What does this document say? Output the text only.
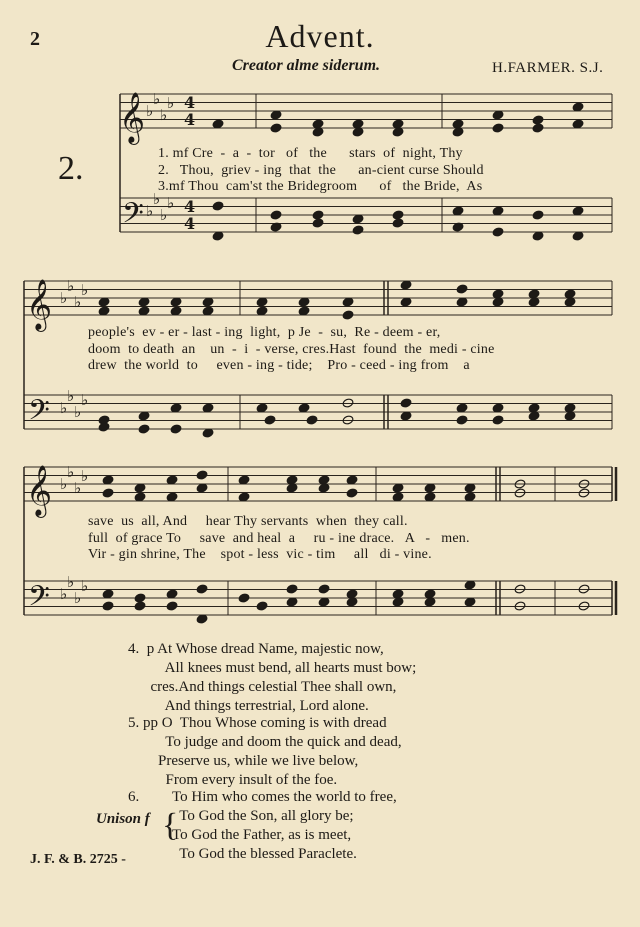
2	Advent.
Creator alme siderum.	H.FARMER. S.J.
2.
𝄞
𝄢
♭
♭
♭
♭
♭
♭
♭
♭
4
4
4
4
𝄞
𝄢
♭
♭
♭
♭
♭
♭
♭
♭
𝄞
𝄢
♭
♭
♭
♭
♭
♭
♭
♭
1. mf Cre  -  a  -  tor   of   the      stars  of  night, Thy
2.   Thou,  griev - ing  that  the      an-cient curse Should
3.mf Thou  cam'st the Bridegroom      of   the Bride,  As
people's  ev - er - last - ing  light,  p Je  -  su,  Re - deem - er,
doom  to death  an    un  -  i  - verse, cres.Hast  found  the  medi - cine
drew  the world  to     even - ing - tide;    Pro - ceed - ing from    a
save  us  all, And     hear Thy servants  when  they call.
full  of grace To     save  and heal  a     ru - ine drace.   A   -   men.
Vir - gin shrine, The    spot - less  vic - tim     all   di - vine.
4.  p At Whose dread Name, majestic now,
All knees must bend, all hearts must bow;
cres.And things celestial Thee shall own,
And things terrestrial, Lord alone.
5. pp O  Thou Whose coming is with dread
To judge and doom the quick and dead,
Preserve us, while we live below,
From every insult of the foe.
6.
Unison f {
To Him who comes the world to free,
To God the Son, all glory be;
To God the Father, as is meet,
To God the blessed Paraclete.
J. F. & B. 2725 -
